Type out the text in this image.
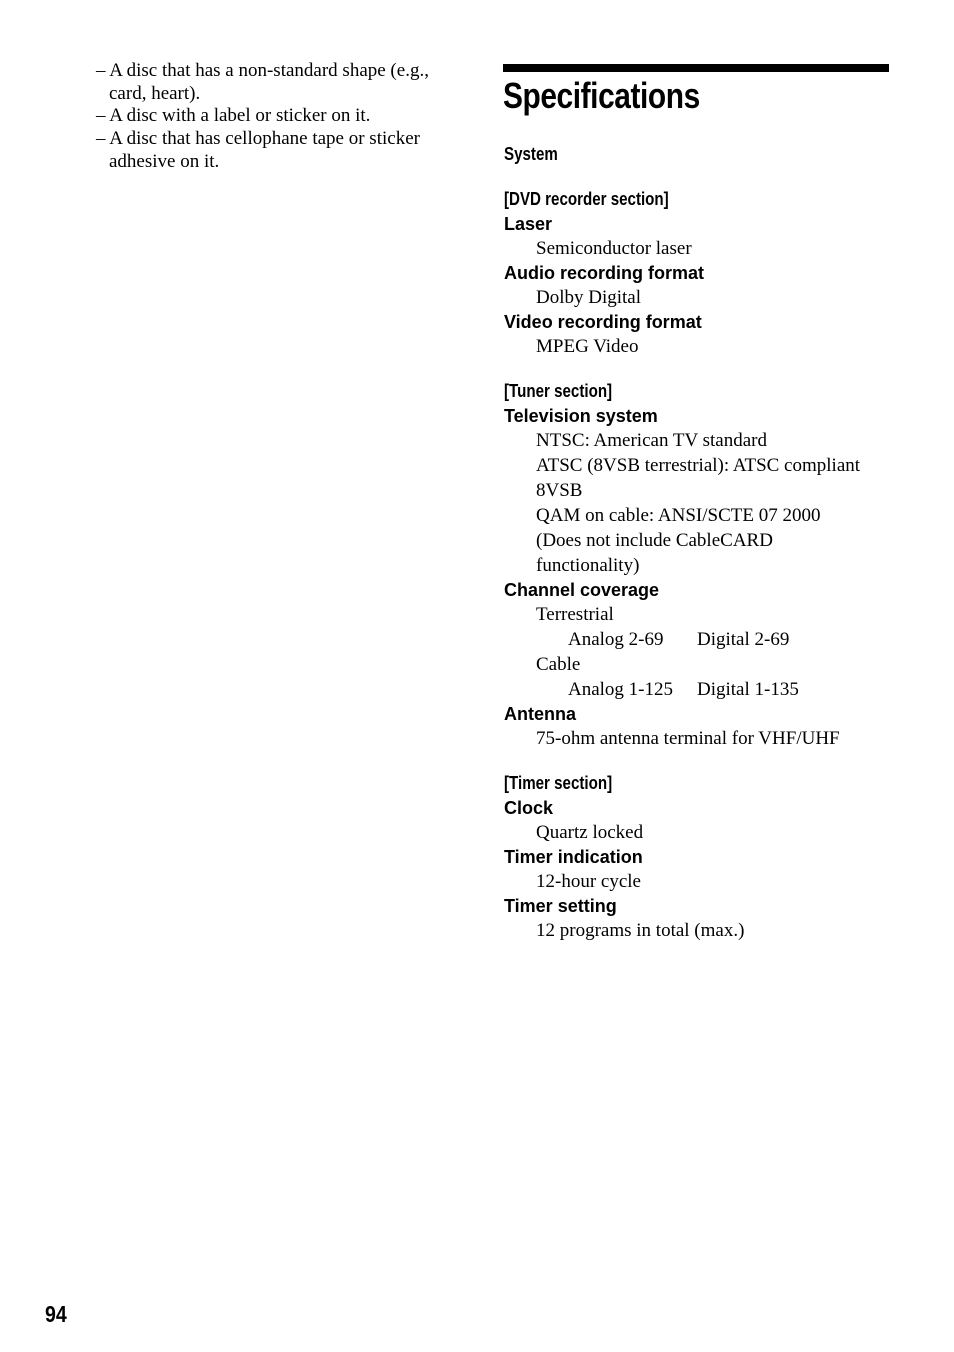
– A disc that has a non-standard shape (e.g.,
card, heart).
– A disc with a label or sticker on it.
– A disc that has cellophane tape or sticker
adhesive on it.
Specifications
System
[DVD recorder section]
Laser
Semiconductor laser
Audio recording format
Dolby Digital
Video recording format
MPEG Video
[Tuner section]
Television system
NTSC: American TV standard
ATSC (8VSB terrestrial): ATSC compliant
8VSB
QAM on cable: ANSI/SCTE 07 2000
(Does not include CableCARD
functionality)
Channel coverage
Terrestrial
Analog 2-69 Digital 2-69
Cable
Analog 1-125 Digital 1-135
Antenna
75-ohm antenna terminal for VHF/UHF
[Timer section]
Clock
Quartz locked
Timer indication
12-hour cycle
Timer setting
12 programs in total (max.)
94
